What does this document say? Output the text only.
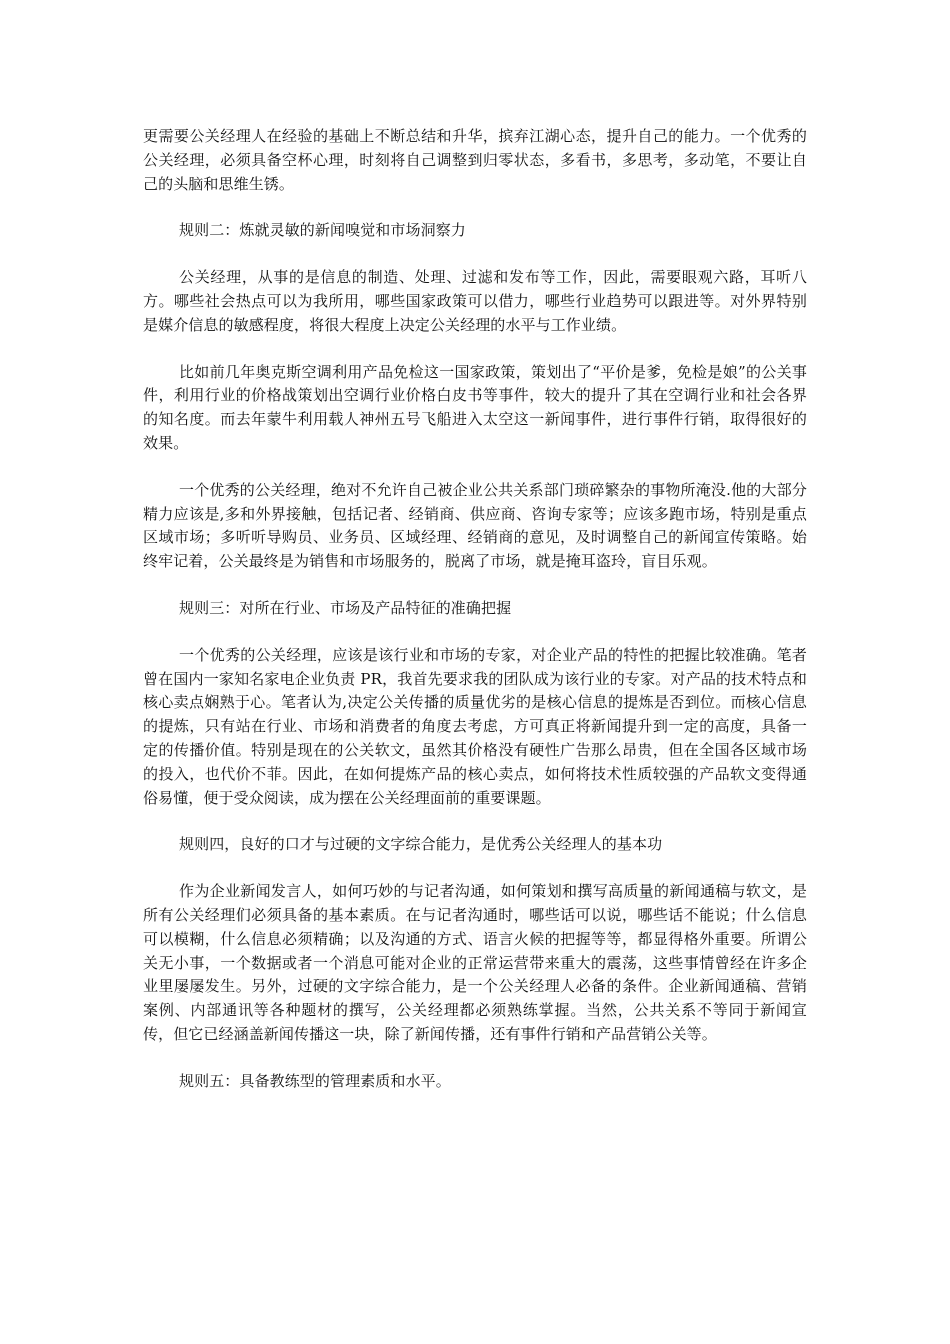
更需要公关经理人在经验的基础上不断总结和升华，摈弃江湖心态，提升自己的能力。一个优秀的公关经理，必须具备空杯心理，时刻将自己调整到归零状态，多看书，多思考，多动笔，不要让自己的头脑和思维生锈。

规则二：炼就灵敏的新闻嗅觉和市场洞察力

公关经理，从事的是信息的制造、处理、过滤和发布等工作，因此，需要眼观六路，耳听八方。哪些社会热点可以为我所用，哪些国家政策可以借力，哪些行业趋势可以跟进等。对外界特别是媒介信息的敏感程度，将很大程度上决定公关经理的水平与工作业绩。

比如前几年奥克斯空调利用产品免检这一国家政策，策划出了“平价是爹，免检是娘”的公关事件，利用行业的价格战策划出空调行业价格白皮书等事件，较大的提升了其在空调行业和社会各界的知名度。而去年蒙牛利用载人神州五号飞船进入太空这一新闻事件，进行事件行销，取得很好的效果。

一个优秀的公关经理，绝对不允许自己被企业公共关系部门琐碎繁杂的事物所淹没.他的大部分精力应该是,多和外界接触，包括记者、经销商、供应商、咨询专家等；应该多跑市场，特别是重点区域市场；多听听导购员、业务员、区域经理、经销商的意见，及时调整自己的新闻宣传策略。始终牢记着，公关最终是为销售和市场服务的，脱离了市场，就是掩耳盗玲，盲目乐观。

规则三：对所在行业、市场及产品特征的准确把握

一个优秀的公关经理，应该是该行业和市场的专家，对企业产品的特性的把握比较准确。笔者曾在国内一家知名家电企业负责 PR，我首先要求我的团队成为该行业的专家。对产品的技术特点和核心卖点娴熟于心。笔者认为,决定公关传播的质量优劣的是核心信息的提炼是否到位。而核心信息的提炼，只有站在行业、市场和消费者的角度去考虑，方可真正将新闻提升到一定的高度，具备一定的传播价值。特别是现在的公关软文，虽然其价格没有硬性广告那么昂贵，但在全国各区域市场的投入，也代价不菲。因此，在如何提炼产品的核心卖点，如何将技术性质较强的产品软文变得通俗易懂，便于受众阅读，成为摆在公关经理面前的重要课题。

规则四，良好的口才与过硬的文字综合能力，是优秀公关经理人的基本功

作为企业新闻发言人，如何巧妙的与记者沟通，如何策划和撰写高质量的新闻通稿与软文，是所有公关经理们必须具备的基本素质。在与记者沟通时，哪些话可以说，哪些话不能说；什么信息可以模糊，什么信息必须精确；以及沟通的方式、语言火候的把握等等，都显得格外重要。所谓公关无小事，一个数据或者一个消息可能对企业的正常运营带来重大的震荡，这些事情曾经在许多企业里屡屡发生。另外，过硬的文字综合能力，是一个公关经理人必备的条件。企业新闻通稿、营销案例、内部通讯等各种题材的撰写，公关经理都必须熟练掌握。当然，公共关系不等同于新闻宣传，但它已经涵盖新闻传播这一块，除了新闻传播，还有事件行销和产品营销公关等。

规则五：具备教练型的管理素质和水平。
